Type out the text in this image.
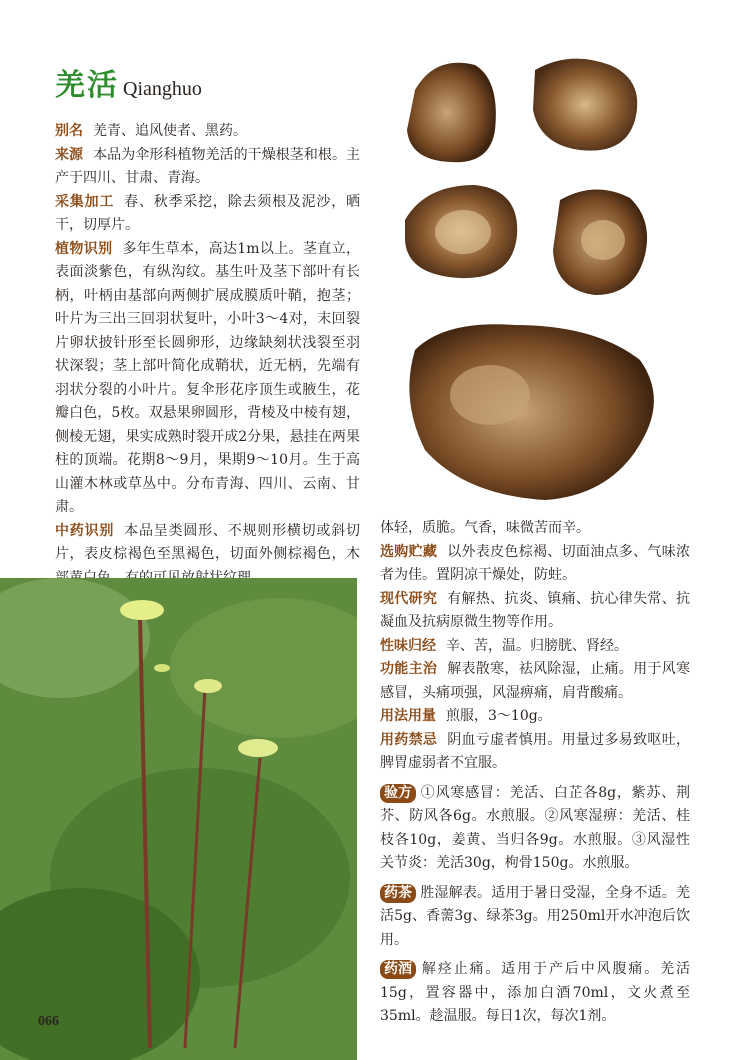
羌活 Qianghuo

别名 羌青、追风使者、黑药。

来源 本品为伞形科植物羌活的干燥根茎和根。主产于四川、甘肃、青海。

采集加工 春、秋季采挖，除去须根及泥沙，晒干，切厚片。

植物识别 多年生草本，高达1m以上。茎直立，表面淡紫色，有纵沟纹。基生叶及茎下部叶有长柄，叶柄由基部向两侧扩展成膜质叶鞘，抱茎；叶片为三出三回羽状复叶，小叶3～4对，末回裂片卵状披针形至长圆卵形，边缘缺刻状浅裂至羽状深裂；茎上部叶简化成鞘状，近无柄，先端有羽状分裂的小叶片。复伞形花序顶生或腋生，花瓣白色，5枚。双悬果卵圆形，背棱及中棱有翅，侧棱无翅，果实成熟时裂开成2分果，悬挂在两果柱的顶端。花期8～9月，果期9～10月。生于高山灌木林或草丛中。分布青海、四川、云南、甘肃。

中药识别 本品呈类圆形、不规则形横切或斜切片，表皮棕褐色至黑褐色，切面外侧棕褐色，木

体轻，质脆。气香，味微苦而辛。

选购贮藏 以外表皮色棕褐、切面油点多、气味浓者为佳。置阴凉干燥处，防蛀。

现代研究 有解热、抗炎、镇痛、抗心律失常、抗凝血及抗病原微生物等作用。

性味归经 辛、苦，温。归膀胱、肾经。

功能主治 解表散寒，祛风除湿，止痛。用于风寒感冒，头痛项强，风湿痹痛，肩背酸痛。

用法用量 煎服，3～10g。

用药禁忌 阴血亏虚者慎用。用量过多易致呕吐，脾胃虚弱者不宜服。

验方 ①风寒感冒：羌活、白芷各8g，紫苏、荆芥、防风各6g。水煎服。②风寒湿痹：羌活、桂枝各10g，姜黄、当归各9g。水煎服。③风湿性关节炎：羌活30g，枸骨150g。水煎服。

药茶 胜湿解表。适用于暑日受湿，全身不适。羌活5g、香薷3g、绿茶3g。用250ml开水冲泡后饮用。

药酒 解痉止痛。适用于产后中风腹痛。羌活15g，置容器中，添加白酒70ml，文火煮至35ml。趁温服。每日1次，每次1剂。

066
